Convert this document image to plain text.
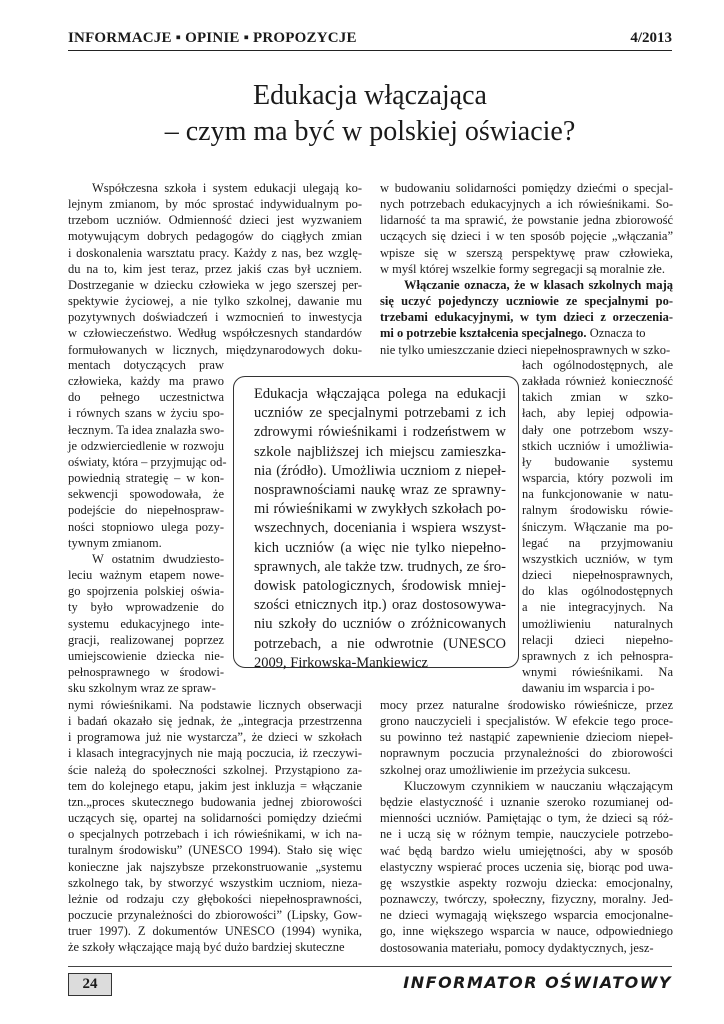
INFORMACJE ▪ OPINIE ▪ PROPOZYCJE	4/2013
Edukacja włączająca
– czym ma być w polskiej oświacie?
Współczesna szkoła i system edukacji ulegają ko-
lejnym zmianom, by móc sprostać indywidualnym po-
trzebom uczniów. Odmienność dzieci jest wyzwaniem
motywującym dobrych pedagogów do ciągłych zmian
i doskonalenia warsztatu pracy. Każdy z nas, bez wzglę-
du na to, kim jest teraz, przez jakiś czas był uczniem.
Dostrzeganie w dziecku człowieka w jego szerszej per-
spektywie życiowej, a nie tylko szkolnej, dawanie mu
pozytywnych doświadczeń i wzmocnień to inwestycja
w człowieczeństwo. Według współczesnych standardów
formułowanych w licznych, międzynarodowych doku-
mentach dotyczących praw
człowieka, każdy ma prawo
do pełnego uczestnictwa
i równych szans w życiu spo-
łecznym. Ta idea znalazła swo-
je odzwierciedlenie w rozwoju
oświaty, która – przyjmując od-
powiednią strategię – w kon-
sekwencji spowodowała, że
podejście do niepełnospraw-
ności stopniowo ulega pozy-
tywnym zmianom.
W ostatnim dwudziesto-
leciu ważnym etapem nowe-
go spojrzenia polskiej oświa-
ty było wprowadzenie do
systemu edukacyjnego inte-
gracji, realizowanej poprzez
umiejscowienie dziecka nie-
pełnosprawnego w środowi-
sku szkolnym wraz ze spraw-
w budowaniu solidarności pomiędzy dziećmi o specjal-
nych potrzebach edukacyjnych a ich rówieśnikami. So-
lidarność ta ma sprawić, że powstanie jedna zbiorowość
uczących się dzieci i w ten sposób pojęcie „włączania”
wpisze się w szerszą perspektywę praw człowieka,
w myśl której wszelkie formy segregacji są moralnie złe.
Włączanie oznacza, że w klasach szkolnych mają
się uczyć pojedynczy uczniowie ze specjalnymi po-
trzebami edukacyjnymi, w tym dzieci z orzeczenia-
mi o potrzebie kształcenia specjalnego. Oznacza to
nie tylko umieszczanie dzieci niepełnosprawnych w szko-
łach ogólnodostępnych, ale
zakłada również konieczność
takich zmian w szko-
łach, aby lepiej odpowia-
dały one potrzebom wszy-
stkich uczniów i umożliwia-
ły budowanie systemu
wsparcia, który pozwoli im
na funkcjonowanie w natu-
ralnym środowisku rówie-
śniczym. Włączanie ma po-
legać na przyjmowaniu
wszystkich uczniów, w tym
dzieci niepełnosprawnych,
do klas ogólnodostępnych
a nie integracyjnych. Na
umożliwieniu naturalnych
relacji dzieci niepełno-
sprawnych z ich pełnospra-
wnymi rówieśnikami. Na
dawaniu im wsparcia i po-
nymi rówieśnikami. Na podstawie licznych obserwacji
i badań okazało się jednak, że „integracja przestrzenna
i programowa już nie wystarcza”, że dzieci w szkołach
i klasach integracyjnych nie mają poczucia, iż rzeczywi-
ście należą do społeczności szkolnej. Przystąpiono za-
tem do kolejnego etapu, jakim jest inkluzja = włączanie
tzn.„proces skutecznego budowania jednej zbiorowości
uczących się, opartej na solidarności pomiędzy dziećmi
o specjalnych potrzebach i ich rówieśnikami, w ich na-
turalnym środowisku” (UNESCO 1994). Stało się więc
konieczne jak najszybsze przekonstruowanie „systemu
szkolnego tak, by stworzyć wszystkim uczniom, nieza-
leżnie od rodzaju czy głębokości niepełnosprawności,
poczucie przynależności do zbiorowości” (Lipsky, Gow-
truer 1997). Z dokumentów UNESCO (1994) wynika,
że szkoły włączające mają być dużo bardziej skuteczne
mocy przez naturalne środowisko rówieśnicze, przez
grono nauczycieli i specjalistów. W efekcie tego proce-
su powinno też nastąpić zapewnienie dzieciom niepeł-
noprawnym poczucia przynależności do zbiorowości
szkolnej oraz umożliwienie im przeżycia sukcesu.
Kluczowym czynnikiem w nauczaniu włączającym
będzie elastyczność i uznanie szeroko rozumianej od-
mienności uczniów. Pamiętając o tym, że dzieci są róż-
ne i uczą się w różnym tempie, nauczyciele potrzebo-
wać będą bardzo wielu umiejętności, aby w sposób
elastyczny wspierać proces uczenia się, biorąc pod uwa-
gę wszystkie aspekty rozwoju dziecka: emocjonalny,
poznawczy, twórczy, społeczny, fizyczny, moralny. Jed-
ne dzieci wymagają większego wsparcia emocjonalne-
go, inne większego wsparcia w nauce, odpowiedniego
dostosowania materiału, pomocy dydaktycznych, jesz-
Edukacja włączająca polega na edukacji uczniów ze specjalnymi potrzebami z ich zdrowymi rówieśnikami i rodzeństwem w szkole najbliższej ich miejscu zamieszka-nia (źródło). Umożliwia uczniom z niepeł-nosprawnościami naukę wraz ze sprawny-mi rówieśnikami w zwykłych szkołach po-wszechnych, doceniania i wspiera wszyst-kich uczniów (a więc nie tylko niepełno-sprawnych, ale także tzw. trudnych, ze śro-dowisk patologicznych, środowisk mniej-szości etnicznych itp.) oraz dostosowywa-niu szkoły do uczniów o zróżnicowanych potrzebach, a nie odwrotnie (UNESCO 2009, Firkowska-Mankiewicz
24	INFORMATOR OŚWIATOWY
